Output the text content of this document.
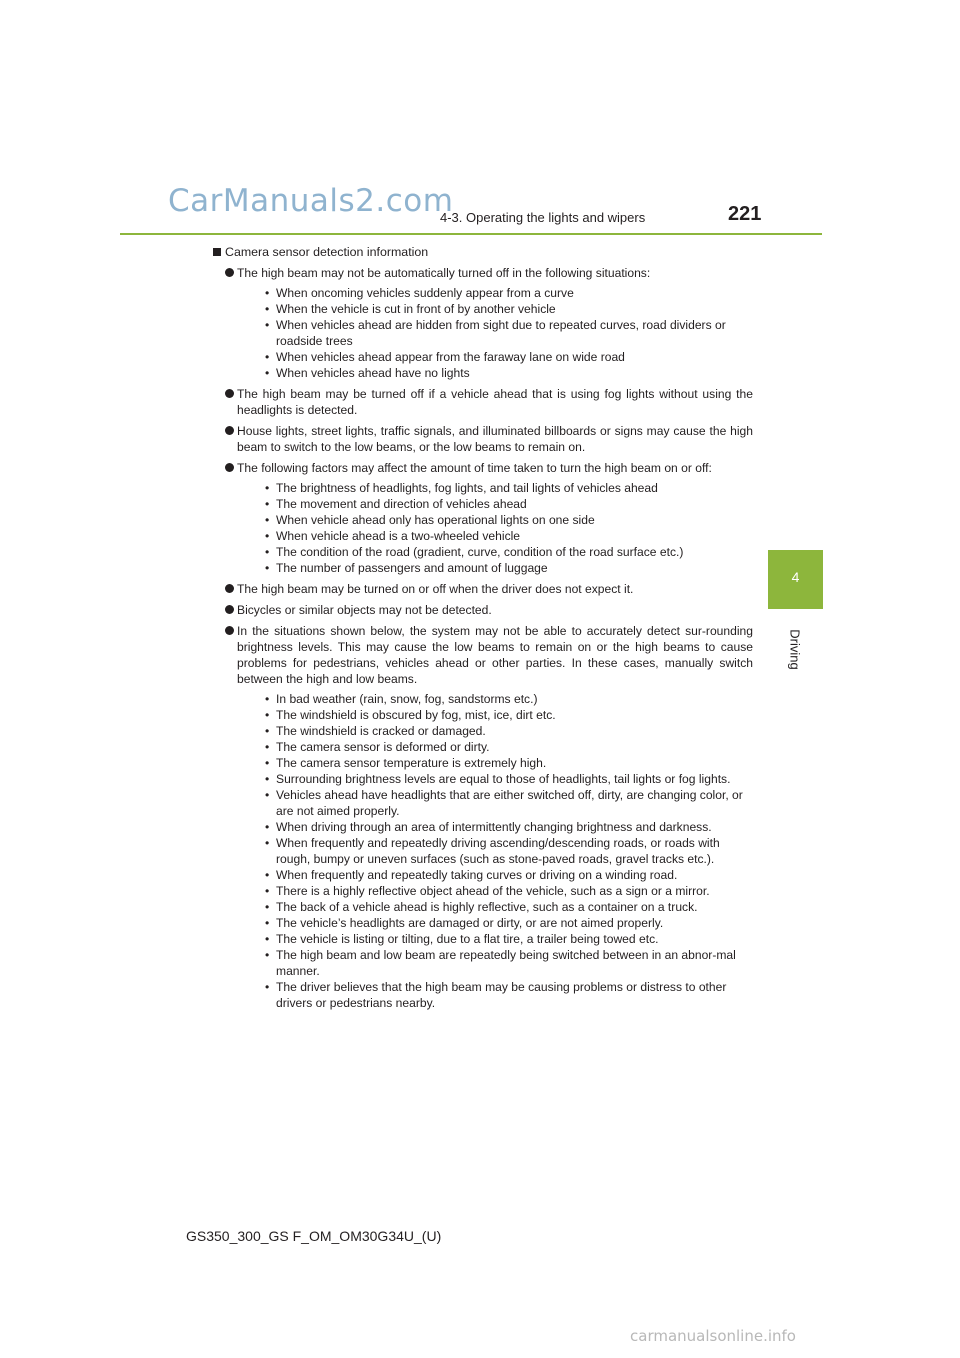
CarManuals2.com
4-3. Operating the lights and wipers	221
4
Driving
Camera sensor detection information
The high beam may not be automatically turned off in the following situations:
• When oncoming vehicles suddenly appear from a curve
• When the vehicle is cut in front of by another vehicle
• When vehicles ahead are hidden from sight due to repeated curves, road dividers or roadside trees
• When vehicles ahead appear from the faraway lane on wide road
• When vehicles ahead have no lights
The high beam may be turned off if a vehicle ahead that is using fog lights without using the headlights is detected.
House lights, street lights, traffic signals, and illuminated billboards or signs may cause the high beam to switch to the low beams, or the low beams to remain on.
The following factors may affect the amount of time taken to turn the high beam on or off:
• The brightness of headlights, fog lights, and tail lights of vehicles ahead
• The movement and direction of vehicles ahead
• When vehicle ahead only has operational lights on one side
• When vehicle ahead is a two-wheeled vehicle
• The condition of the road (gradient, curve, condition of the road surface etc.)
• The number of passengers and amount of luggage
The high beam may be turned on or off when the driver does not expect it.
Bicycles or similar objects may not be detected.
In the situations shown below, the system may not be able to accurately detect sur-rounding brightness levels. This may cause the low beams to remain on or the high beams to cause problems for pedestrians, vehicles ahead or other parties. In these cases, manually switch between the high and low beams.
• In bad weather (rain, snow, fog, sandstorms etc.)
• The windshield is obscured by fog, mist, ice, dirt etc.
• The windshield is cracked or damaged.
• The camera sensor is deformed or dirty.
• The camera sensor temperature is extremely high.
• Surrounding brightness levels are equal to those of headlights, tail lights or fog lights.
• Vehicles ahead have headlights that are either switched off, dirty, are changing color, or are not aimed properly.
• When driving through an area of intermittently changing brightness and darkness.
• When frequently and repeatedly driving ascending/descending roads, or roads with rough, bumpy or uneven surfaces (such as stone-paved roads, gravel tracks etc.).
• When frequently and repeatedly taking curves or driving on a winding road.
• There is a highly reflective object ahead of the vehicle, such as a sign or a mirror.
• The back of a vehicle ahead is highly reflective, such as a container on a truck.
• The vehicle’s headlights are damaged or dirty, or are not aimed properly.
• The vehicle is listing or tilting, due to a flat tire, a trailer being towed etc.
• The high beam and low beam are repeatedly being switched between in an abnor-mal manner.
• The driver believes that the high beam may be causing problems or distress to other drivers or pedestrians nearby.
GS350_300_GS F_OM_OM30G34U_(U)
carmanualsonline.info
